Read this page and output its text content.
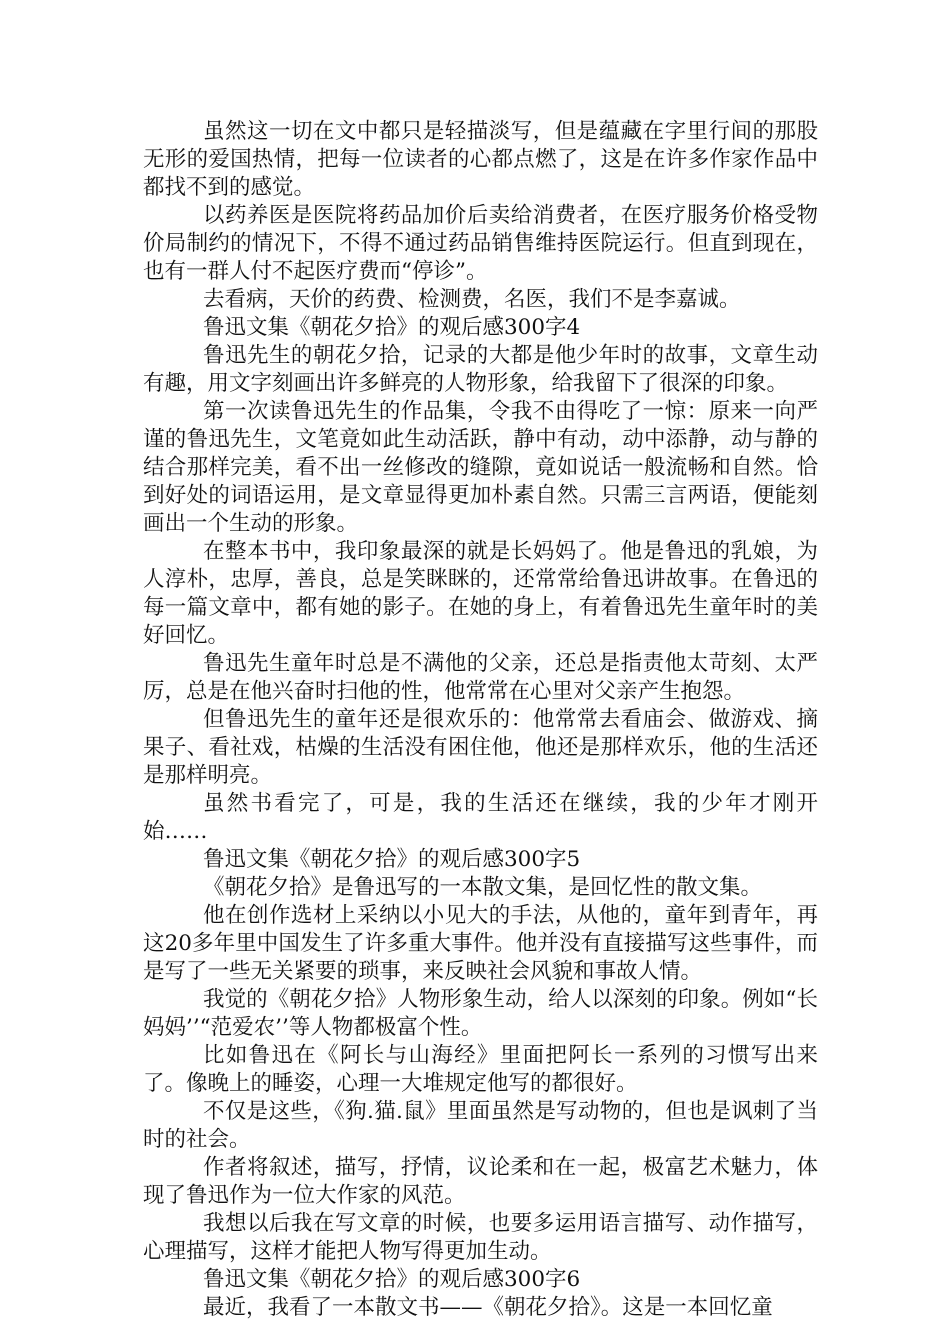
虽然这一切在文中都只是轻描淡写，但是蕴藏在字里行间的那股无形的爱国热情，把每一位读者的心都点燃了，这是在许多作家作品中都找不到的感觉。

以药养医是医院将药品加价后卖给消费者，在医疗服务价格受物价局制约的情况下，不得不通过药品销售维持医院运行。但直到现在，也有一群人付不起医疗费而“停诊”。

去看病，天价的药费、检测费，名医，我们不是李嘉诚。

鲁迅文集《朝花夕拾》的观后感300字4

鲁迅先生的朝花夕拾，记录的大都是他少年时的故事，文章生动有趣，用文字刻画出许多鲜亮的人物形象，给我留下了很深的印象。

第一次读鲁迅先生的作品集，令我不由得吃了一惊：原来一向严谨的鲁迅先生，文笔竟如此生动活跃，静中有动，动中添静，动与静的结合那样完美，看不出一丝修改的缝隙，竟如说话一般流畅和自然。恰到好处的词语运用，是文章显得更加朴素自然。只需三言两语，便能刻画出一个生动的形象。

在整本书中，我印象最深的就是长妈妈了。他是鲁迅的乳娘，为人淳朴，忠厚，善良，总是笑眯眯的，还常常给鲁迅讲故事。在鲁迅的每一篇文章中，都有她的影子。在她的身上，有着鲁迅先生童年时的美好回忆。

鲁迅先生童年时总是不满他的父亲，还总是指责他太苛刻、太严厉，总是在他兴奋时扫他的性，他常常在心里对父亲产生抱怨。

但鲁迅先生的童年还是很欢乐的：他常常去看庙会、做游戏、摘果子、看社戏，枯燥的生活没有困住他，他还是那样欢乐，他的生活还是那样明亮。

虽然书看完了，可是，我的生活还在继续，我的少年才刚开始……

鲁迅文集《朝花夕拾》的观后感300字5

《朝花夕拾》是鲁迅写的一本散文集，是回忆性的散文集。

他在创作选材上采纳以小见大的手法，从他的，童年到青年，再这20多年里中国发生了许多重大事件。他并没有直接描写这些事件，而是写了一些无关紧要的琐事，来反映社会风貌和事故人情。

我觉的《朝花夕拾》人物形象生动，给人以深刻的印象。例如“长妈妈’’“范爱农’’等人物都极富个性。

比如鲁迅在《阿长与山海经》里面把阿长一系列的习惯写出来了。像晚上的睡姿，心理一大堆规定他写的都很好。

不仅是这些，《狗.猫.鼠》里面虽然是写动物的，但也是讽刺了当时的社会。

作者将叙述，描写，抒情，议论柔和在一起，极富艺术魅力，体现了鲁迅作为一位大作家的风范。

我想以后我在写文章的时候，也要多运用语言描写、动作描写，心理描写，这样才能把人物写得更加生动。

鲁迅文集《朝花夕拾》的观后感300字6

最近，我看了一本散文书——《朝花夕拾》。这是一本回忆童
